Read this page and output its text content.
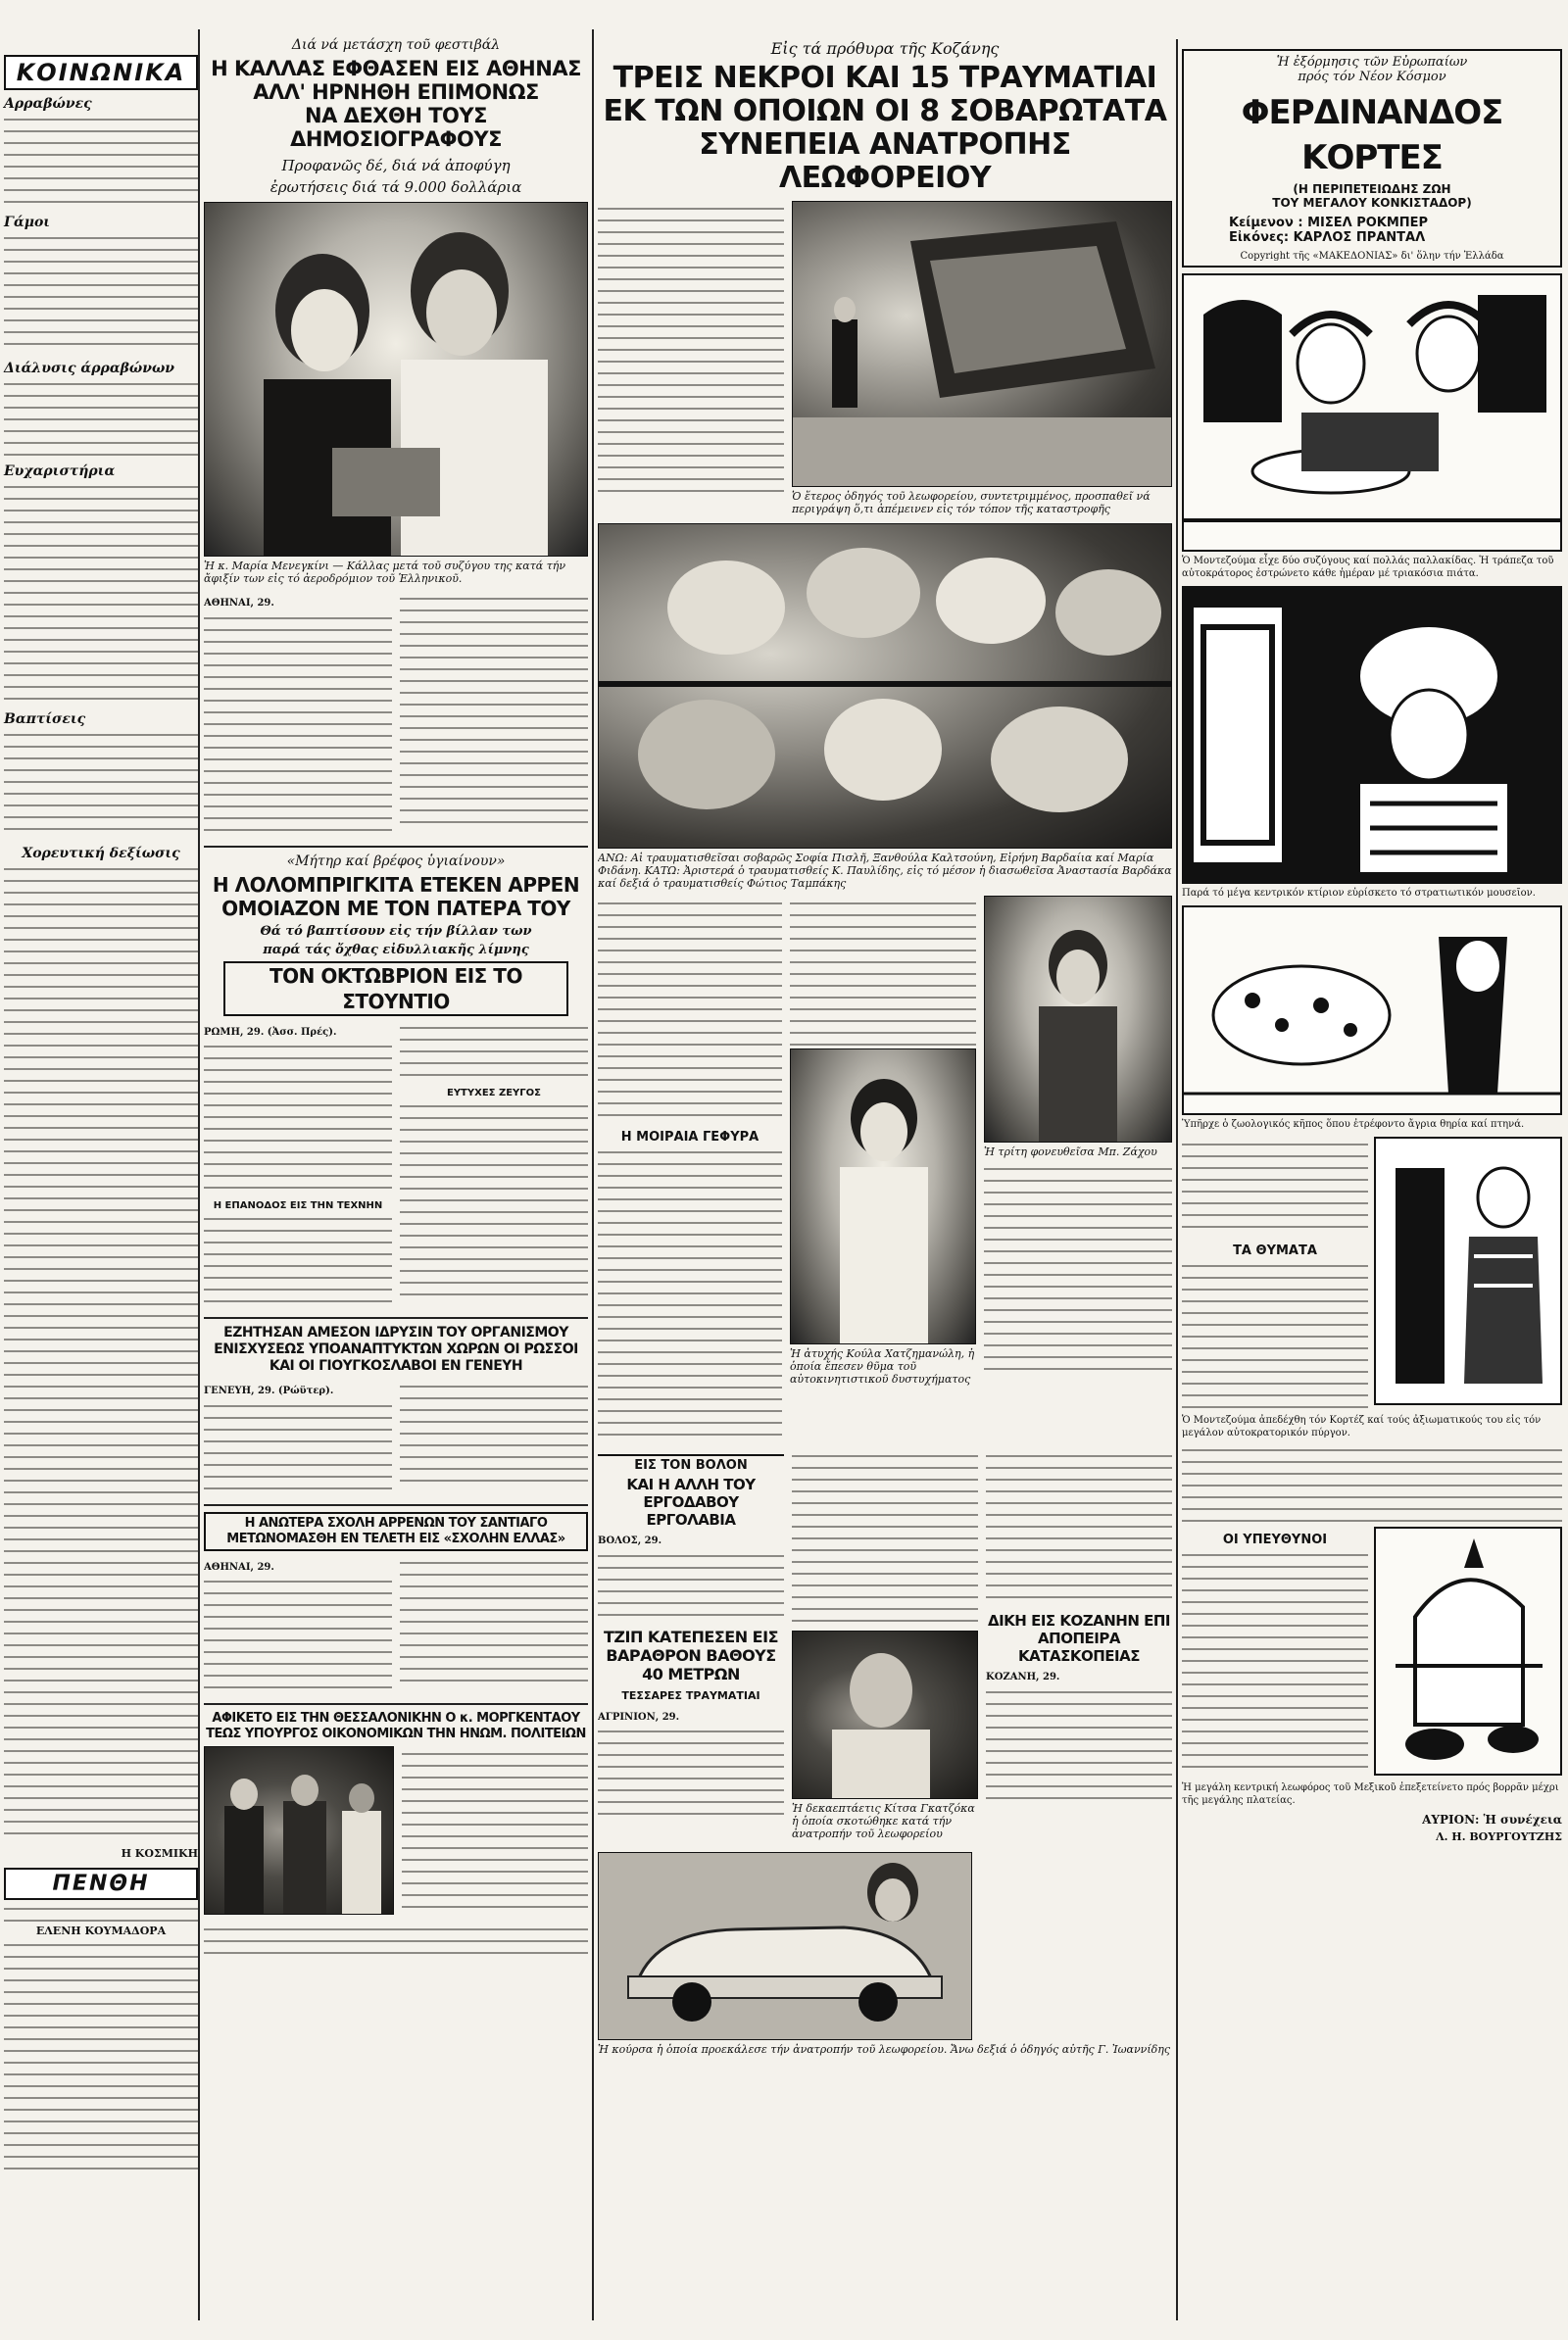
ΚΟΙΝΩΝΙΚΑ
Αρραβώνες
Γάμοι
Διάλυσις άρραβώνων
Ευχαριστήρια
Βαπτίσεις
Χορευτική δεξίωσις
Η ΚΟΣΜΙΚΗ
ΠΕΝΘΗ
ΕΛΕΝΗ ΚΟΥΜΑΔΟΡΑ
Διά νά μετάσχη τοῦ φεστιβάλ
Η ΚΑΛΛΑΣ ΕΦΘΑΣΕΝ ΕΙΣ ΑΘΗΝΑΣ
ΑΛΛ' ΗΡΝΗΘΗ ΕΠΙΜΟΝΩΣ
ΝΑ ΔΕΧΘΗ ΤΟΥΣ ΔΗΜΟΣΙΟΓΡΑΦΟΥΣ
Προφανῶς δέ, διά νά ἀποφύγη
ἐρωτήσεις διά τά 9.000 δολλάρια
Ἡ κ. Μαρία Μενεγκίνι — Κάλλας μετά τοῦ συζύγου της κατά τήν ἄφιξίν των εἰς τό ἀεροδρόμιον τοῦ Ἑλληνικοῦ.
ΑΘΗΝΑΙ, 29.
«Μήτηρ καί βρέφος ὑγιαίνουν»
Η ΛΟΛΟΜΠΡΙΓΚΙΤΑ ΕΤΕΚΕΝ ΑΡΡΕΝ
ΟΜΟΙΑΖΟΝ ΜΕ ΤΟΝ ΠΑΤΕΡΑ ΤΟΥ
Θά τό βαπτίσουν εἰς τήν βίλλαν των
παρά τάς ὄχθας εἰδυλλιακῆς λίμνης
ΤΟΝ ΟΚΤΩΒΡΙΟΝ ΕΙΣ ΤΟ ΣΤΟΥΝΤΙΟ
ΡΩΜΗ, 29. (Ἀσσ. Πρές).
Η ΕΠΑΝΟΔΟΣ ΕΙΣ ΤΗΝ ΤΕΧΝΗΝ
ΕΥΤΥΧΕΣ ΖΕΥΓΟΣ
ΕΖΗΤΗΣΑΝ ΑΜΕΣΟΝ ΙΔΡΥΣΙΝ ΤΟΥ ΟΡΓΑΝΙΣΜΟΥ ΕΝΙΣΧΥΣΕΩΣ ΥΠΟΑΝΑΠΤΥΚΤΩΝ ΧΩΡΩΝ ΟΙ ΡΩΣΣΟΙ ΚΑΙ ΟΙ ΓΙΟΥΓΚΟΣΛΑΒΟΙ ΕΝ ΓΕΝΕΥΗ
ΓΕΝΕΥΗ, 29. (Ρώϋτερ).
Η ΑΝΩΤΕΡΑ ΣΧΟΛΗ ΑΡΡΕΝΩΝ ΤΟΥ ΣΑΝΤΙΑΓΟ ΜΕΤΩΝΟΜΑΣΘΗ ΕΝ ΤΕΛΕΤΗ ΕΙΣ «ΣΧΟΛΗΝ ΕΛΛΑΣ»
ΑΘΗΝΑΙ, 29.
ΑΦΙΚΕΤΟ ΕΙΣ ΤΗΝ ΘΕΣΣΑΛΟΝΙΚΗΝ Ο κ. ΜΟΡΓΚΕΝΤΑΟΥ ΤΕΩΣ ΥΠΟΥΡΓΟΣ ΟΙΚΟΝΟΜΙΚΩΝ ΤΗΝ ΗΝΩΜ. ΠΟΛΙΤΕΙΩΝ
Εἰς τά πρόθυρα τῆς Κοζάνης
ΤΡΕΙΣ ΝΕΚΡΟΙ ΚΑΙ 15 ΤΡΑΥΜΑΤΙΑΙ
ΕΚ ΤΩΝ ΟΠΟΙΩΝ ΟΙ 8 ΣΟΒΑΡΩΤΑΤΑ
ΣΥΝΕΠΕΙΑ ΑΝΑΤΡΟΠΗΣ ΛΕΩΦΟΡΕΙΟΥ
Ὁ ἕτερος ὁδηγός τοῦ λεωφορείου, συντετριμμένος, προσπαθεῖ νά περιγράψη ὅ,τι ἀπέμεινεν εἰς τόν τόπον τῆς καταστροφῆς
ΑΝΩ: Αἱ τραυματισθεῖσαι σοβαρῶς Σοφία Πισλῆ, Ξανθούλα Καλτσούνη, Εἰρήνη Βαρδαίια καί Μαρία Φιδάνη. ΚΑΤΩ: Ἀριστερά ὁ τραυματισθείς Κ. Παυλίδης, εἰς τό μέσον ἡ διασωθεῖσα Ἀναστασία Βαρδάκα καί δεξιά ὁ τραυματισθείς Φώτιος Ταμπάκης
Η ΜΟΙΡΑΙΑ ΓΕΦΥΡΑ
Ἡ ἀτυχής Κούλα Χατζημανώλη, ἡ ὁποία ἔπεσεν θῦμα τοῦ αὐτοκινητιστικοῦ δυστυχήματος
Ἡ τρίτη φονευθεῖσα Μπ. Ζάχου
ΕΙΣ ΤΟΝ ΒΟΛΟΝ
ΚΑΙ Η ΑΛΛΗ ΤΟΥ ΕΡΓΟΔΑΒΟΥ ΕΡΓΟΛΑΒΙΑ
ΒΟΛΟΣ, 29.
ΤΖΙΠ ΚΑΤΕΠΕΣΕΝ ΕΙΣ ΒΑΡΑΘΡΟΝ ΒΑΘΟΥΣ 40 ΜΕΤΡΩΝ
ΤΕΣΣΑΡΕΣ ΤΡΑΥΜΑΤΙΑΙ
ΑΓΡΙΝΙΟΝ, 29.
Ἡ δεκαεπτάετις Κίτσα Γκατζόκα ἡ ὁποία σκοτώθηκε κατά τήν ἀνατροπήν τοῦ λεωφορείου
ΔΙΚΗ ΕΙΣ ΚΟΖΑΝΗΝ ΕΠΙ ΑΠΟΠΕΙΡΑ ΚΑΤΑΣΚΟΠΕΙΑΣ
ΚΟΖΑΝΗ, 29.
Ἡ κούρσα ἡ ὁποία προεκάλεσε τήν ἀνατροπήν τοῦ λεωφορείου. Ἄνω δεξιά ὁ ὁδηγός αὐτῆς Γ. Ἰωαννίδης
Ἡ ἐξόρμησις τῶν Εὐρωπαίων
πρός τόν Νέον Κόσμον
ΦΕΡΔΙΝΑΝΔΟΣ ΚΟΡΤΕΣ
(Η ΠΕΡΙΠΕΤΕΙΩΔΗΣ ΖΩΗ
ΤΟΥ ΜΕΓΑΛΟΥ ΚΟΝΚΙΣΤΑΔΟΡ)
Κείμενον : ΜΙΣΕΛ ΡΟΚΜΠΕΡ
Εἰκόνες: ΚΑΡΛΟΣ ΠΡΑΝΤΑΛ
Copyright τῆς «ΜΑΚΕΔΟΝΙΑΣ» δι' ὅλην τήν Ἑλλάδα
Ὁ Μοντεζούμα εἶχε δύο συζύγους καί πολλάς παλλακίδας. Ἡ τράπεζα τοῦ αὐτοκράτορος ἐστρώνετο κάθε ἡμέραν μέ τριακόσια πιάτα.
Παρά τό μέγα κεντρικόν κτίριον εὑρίσκετο τό στρατιωτικόν μουσεῖον.
Ὑπῆρχε ὁ ζωολογικός κῆπος ὅπου ἐτρέφοντο ἄγρια θηρία καί πτηνά.
ΤΑ ΘΥΜΑΤΑ
Ὁ Μοντεζούμα ἀπεδέχθη τόν Κορτέζ καί τούς ἀξιωματικούς του εἰς τόν μεγάλον αὐτοκρατορικόν πύργον.
ΟΙ ΥΠΕΥΘΥΝΟΙ
Ἡ μεγάλη κεντρική λεωφόρος τοῦ Μεξικοῦ ἐπεξετείνετο πρός βορρᾶν μέχρι τῆς μεγάλης πλατείας.
ΑΥΡΙΟΝ: Ἡ συνέχεια
Λ. Η. ΒΟΥΡΓΟΥΤΖΗΣ
